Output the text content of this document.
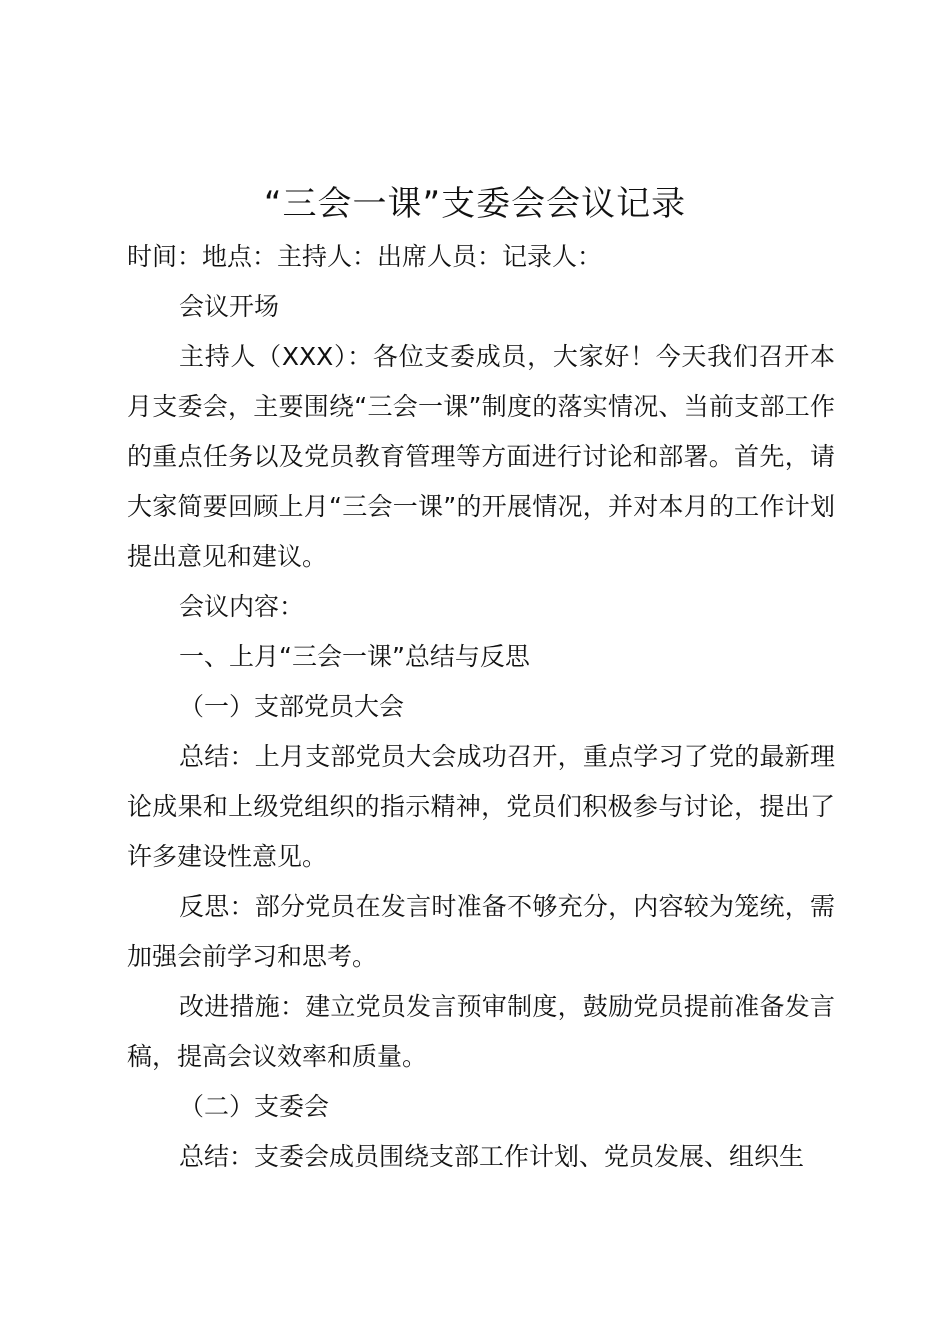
“三会一课”支委会会议记录

时间：地点：主持人：出席人员：记录人：

会议开场

主持人（XXX）：各位支委成员，大家好！今天我们召开本月支委会，主要围绕“三会一课”制度的落实情况、当前支部工作的重点任务以及党员教育管理等方面进行讨论和部署。首先，请大家简要回顾上月“三会一课”的开展情况，并对本月的工作计划提出意见和建议。

会议内容：

一、上月“三会一课”总结与反思

（一）支部党员大会

总结：上月支部党员大会成功召开，重点学习了党的最新理论成果和上级党组织的指示精神，党员们积极参与讨论，提出了许多建设性意见。

反思：部分党员在发言时准备不够充分，内容较为笼统，需加强会前学习和思考。

改进措施：建立党员发言预审制度，鼓励党员提前准备发言稿，提高会议效率和质量。

（二）支委会

总结：支委会成员围绕支部工作计划、党员发展、组织生
